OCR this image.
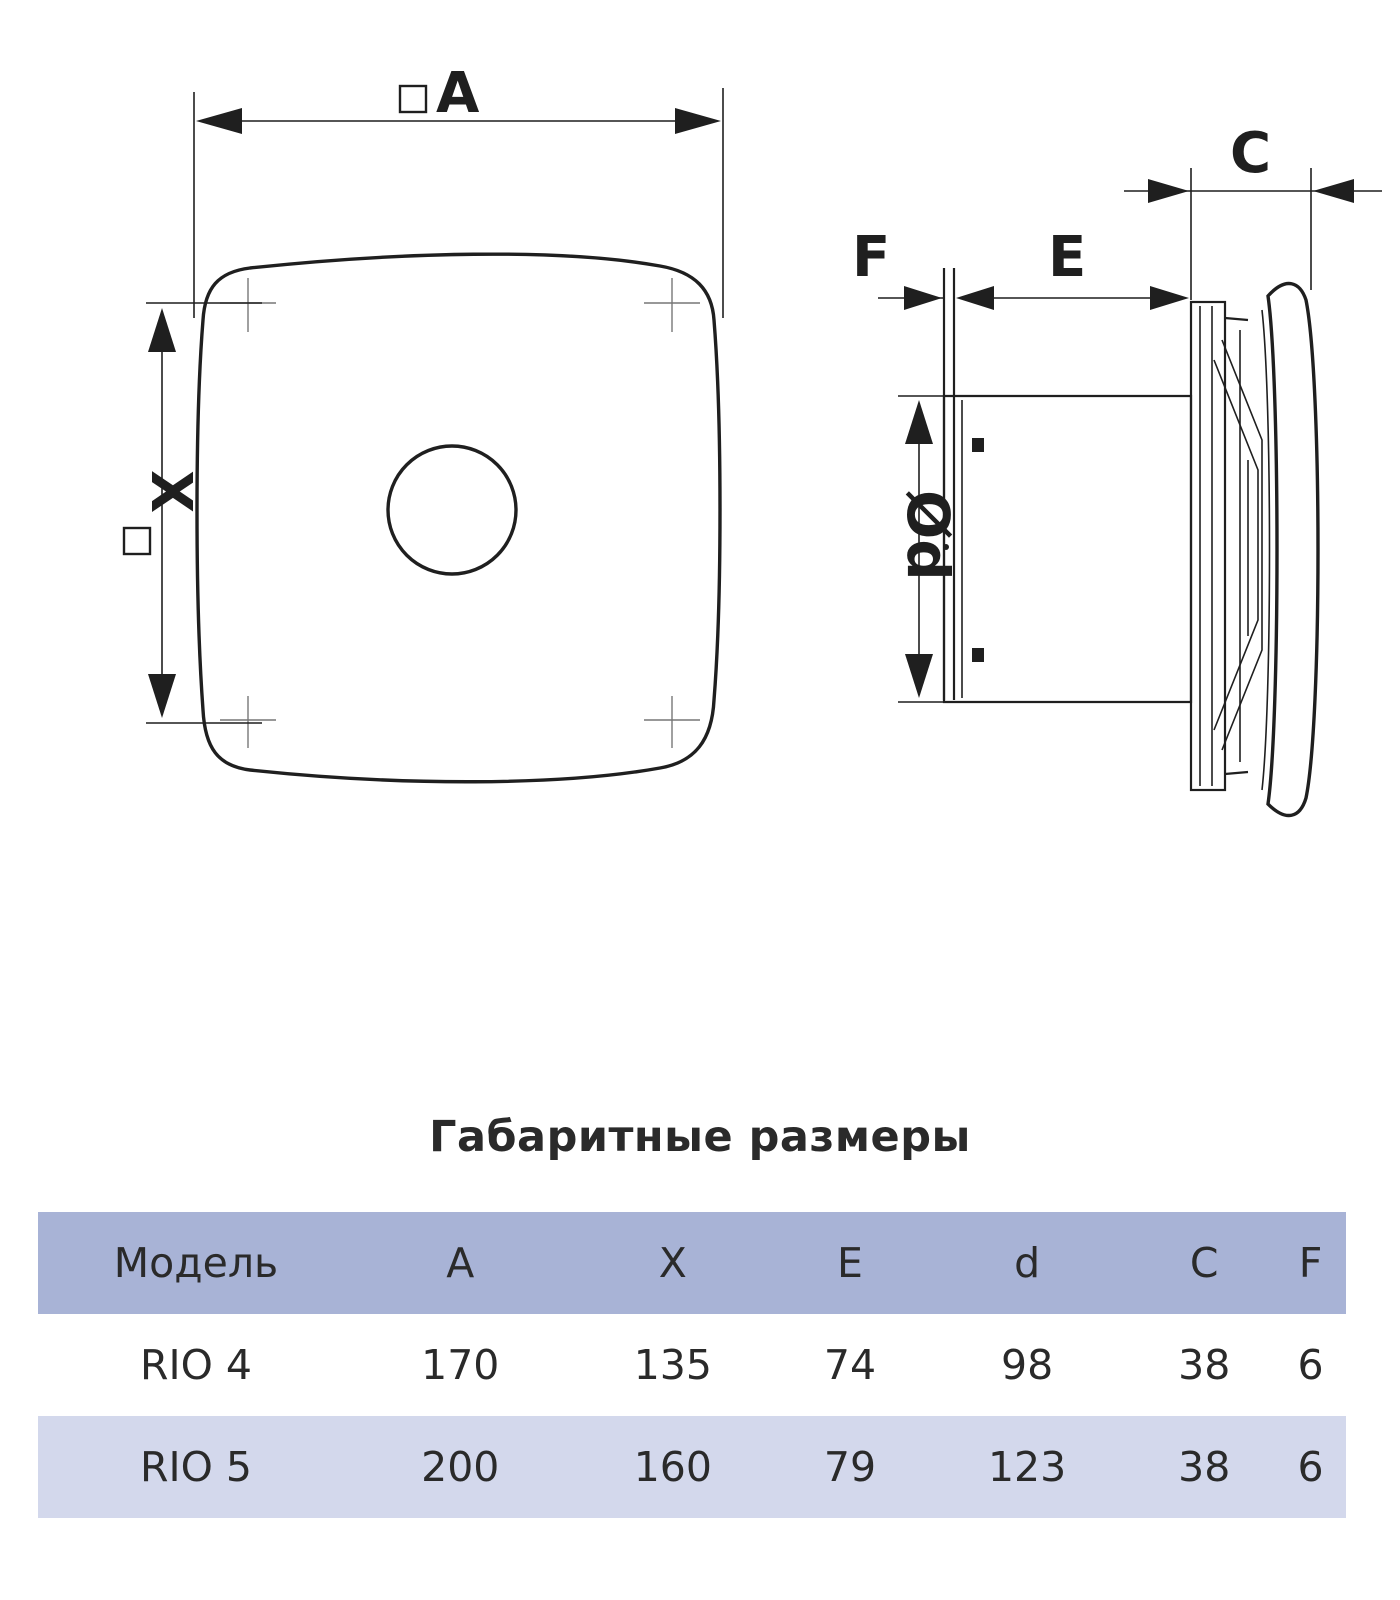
A
X
C
F	E
Ød
Габаритные размеры
Модель	A	X	E	d	C	F
RIO 4	170	135	74	98	38	6
RIO 5	200	160	79	123	38	6
